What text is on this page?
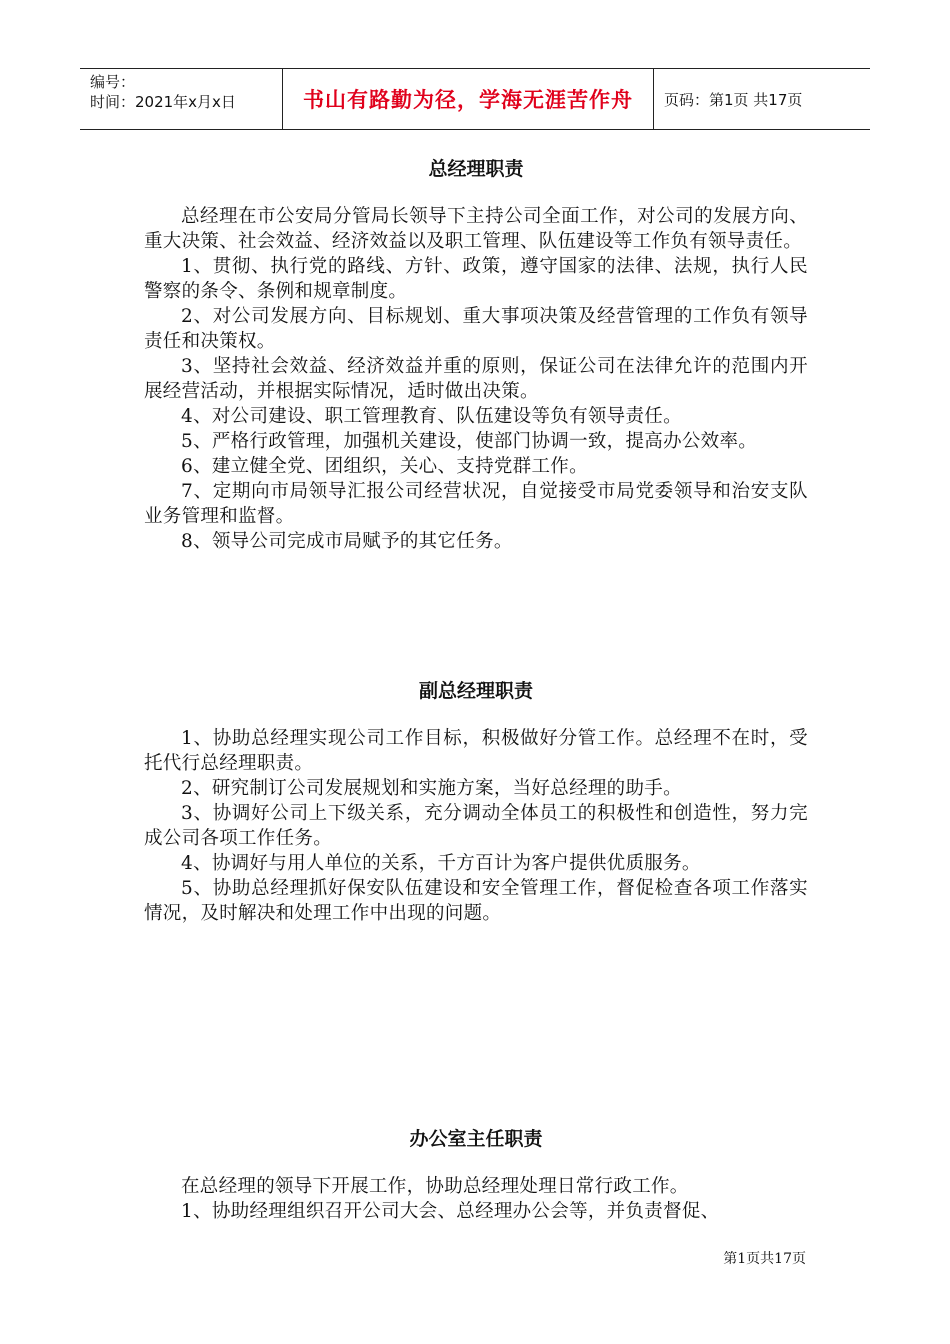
编号：
时间：2021年x月x日	书山有路勤为径，学海无涯苦作舟	页码：第1页 共17页
总经理职责

总经理在市公安局分管局长领导下主持公司全面工作，对公司的发展方向、重大决策、社会效益、经济效益以及职工管理、队伍建设等工作负有领导责任。

1、贯彻、执行党的路线、方针、政策，遵守国家的法律、法规，执行人民警察的条令、条例和规章制度。

2、对公司发展方向、目标规划、重大事项决策及经营管理的工作负有领导责任和决策权。

3、坚持社会效益、经济效益并重的原则，保证公司在法律允许的范围内开展经营活动，并根据实际情况，适时做出决策。

4、对公司建设、职工管理教育、队伍建设等负有领导责任。

5、严格行政管理，加强机关建设，使部门协调一致，提高办公效率。

6、建立健全党、团组织，关心、支持党群工作。

7、定期向市局领导汇报公司经营状况，自觉接受市局党委领导和治安支队业务管理和监督。

8、领导公司完成市局赋予的其它任务。

副总经理职责

1、协助总经理实现公司工作目标，积极做好分管工作。总经理不在时，受托代行总经理职责。

2、研究制订公司发展规划和实施方案，当好总经理的助手。

3、协调好公司上下级关系，充分调动全体员工的积极性和创造性，努力完成公司各项工作任务。

4、协调好与用人单位的关系，千方百计为客户提供优质服务。

5、协助总经理抓好保安队伍建设和安全管理工作，督促检查各项工作落实情况，及时解决和处理工作中出现的问题。

办公室主任职责

在总经理的领导下开展工作，协助总经理处理日常行政工作。

1、协助经理组织召开公司大会、总经理办公会等，并负责督促、

第1页共17页
